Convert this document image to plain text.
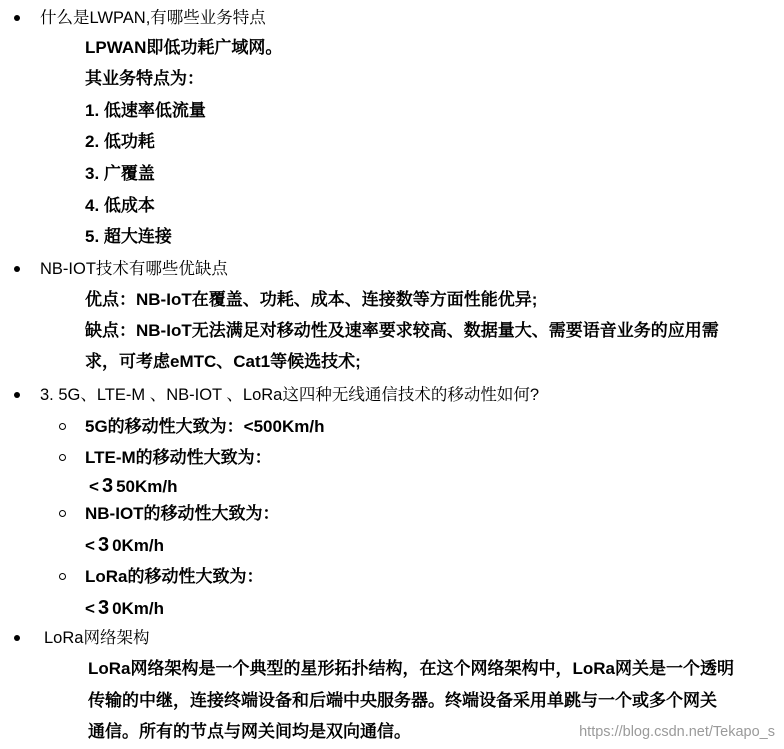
什么是LWPAN,有哪些业务特点
LPWAN即低功耗广域网。
其业务特点为：
1. 低速率低流量
2. 低功耗
3. 广覆盖
4. 低成本
5. 超大连接
NB-IOT技术有哪些优缺点
优点：NB-IoT在覆盖、功耗、成本、连接数等方面性能优异;
缺点：NB-IoT无法满足对移动性及速率要求较高、数据量大、需要语音业务的应用需
求，可考虑eMTC、Cat1等候选技术;
3. 5G、LTE-M 、NB-IOT 、LoRa这四种无线通信技术的移动性如何?
5G的移动性大致为：<500Km/h
LTE-M的移动性大致为：
< 3 50Km/h
NB-IOT的移动性大致为：
< 3 0Km/h
LoRa的移动性大致为：
< 3 0Km/h
LoRa网络架构
LoRa网络架构是一个典型的星形拓扑结构，在这个网络架构中，LoRa网关是一个透明
传输的中继，连接终端设备和后端中央服务器。终端设备采用单跳与一个或多个网关
通信。所有的节点与网关间均是双向通信。	https://blog.csdn.net/Tekapo_s
